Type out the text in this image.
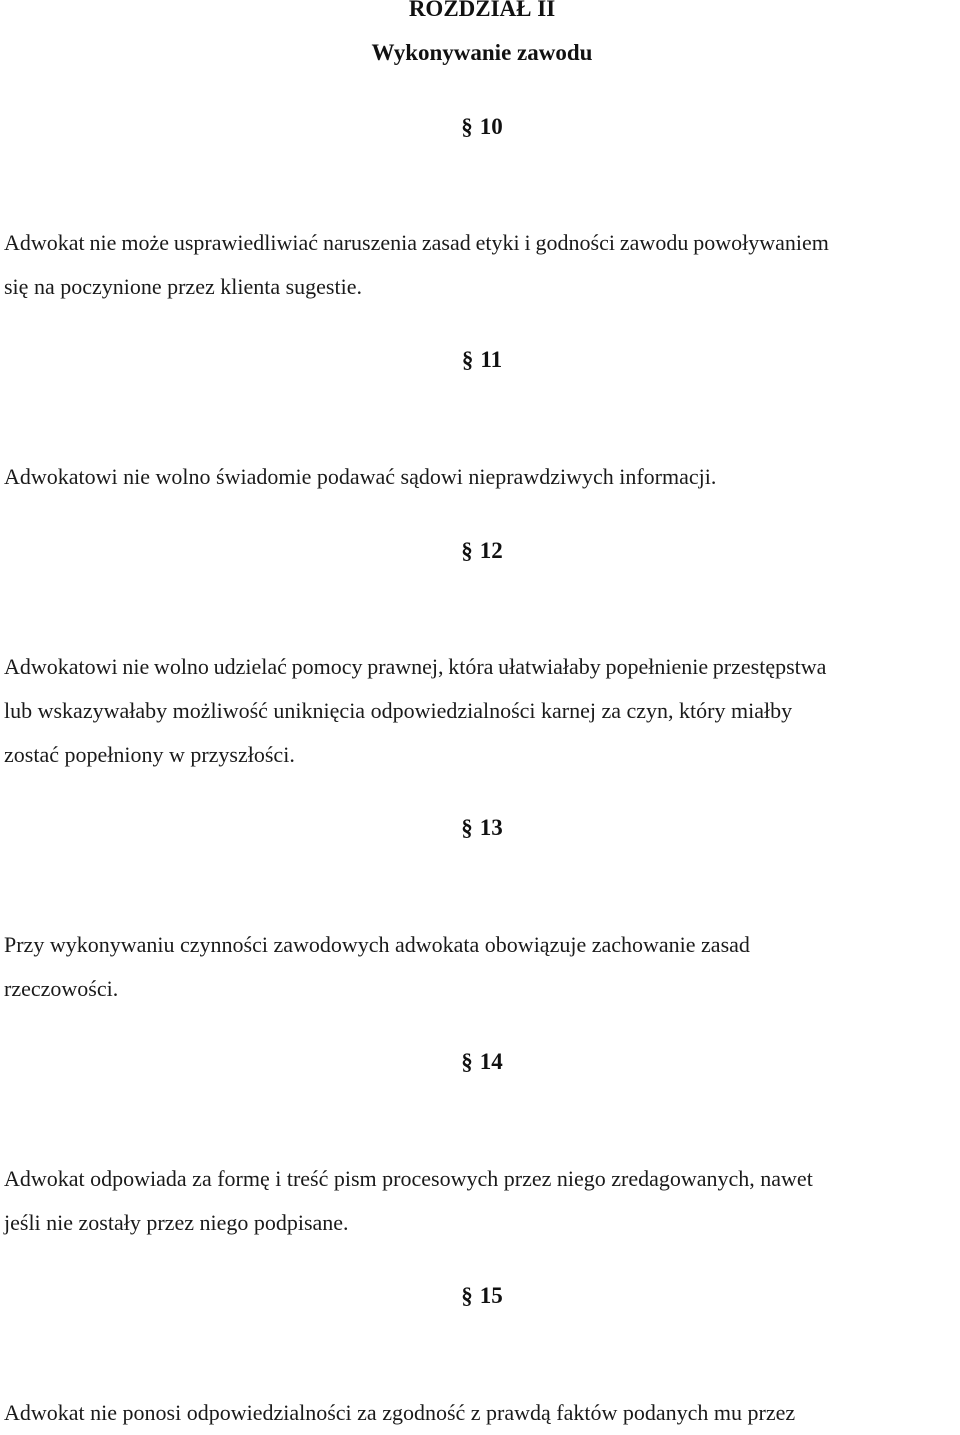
ROZDZIAŁ II
Wykonywanie zawodu
§ 10
Adwokat nie może usprawiedliwiać naruszenia zasad etyki i godności zawodu powoływaniem
się na poczynione przez klienta sugestie.
§ 11
Adwokatowi nie wolno świadomie podawać sądowi nieprawdziwych informacji.
§ 12
Adwokatowi nie wolno udzielać pomocy prawnej, która ułatwiałaby popełnienie przestępstwa
lub wskazywałaby możliwość uniknięcia odpowiedzialności karnej za czyn, który miałby
zostać popełniony w przyszłości.
§ 13
Przy wykonywaniu czynności zawodowych adwokata obowiązuje zachowanie zasad
rzeczowości.
§ 14
Adwokat odpowiada za formę i treść pism procesowych przez niego zredagowanych, nawet
jeśli nie zostały przez niego podpisane.
§ 15
Adwokat nie ponosi odpowiedzialności za zgodność z prawdą faktów podanych mu przez
